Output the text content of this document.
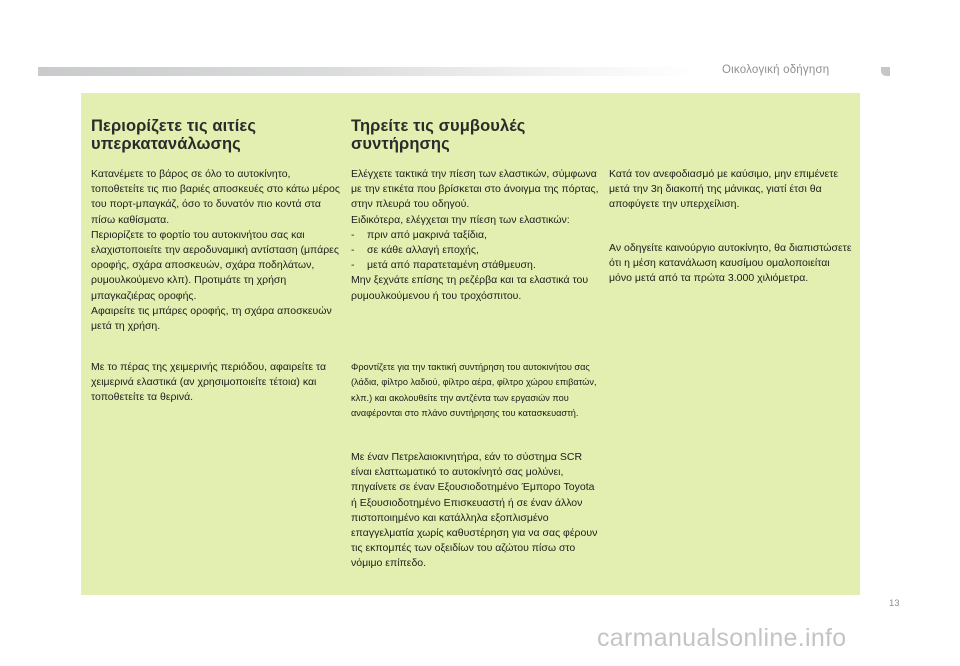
Οικολογική οδήγηση
Περιορίζετε τις αιτίες υπερκατανάλωσης

Κατανέμετε το βάρος σε όλο το αυτοκίνητο, τοποθετείτε τις πιο βαριές αποσκευές στο κάτω μέρος του πορτ-μπαγκάζ, όσο το δυνατόν πιο κοντά στα πίσω καθίσματα.

Περιορίζετε το φορτίο του αυτοκινήτου σας και ελαχιστοποιείτε την αεροδυναμική αντίσταση (μπάρες οροφής, σχάρα αποσκευών, σχάρα ποδηλάτων, ρυμουλκούμενο κλπ). Προτιμάτε τη χρήση μπαγκαζιέρας οροφής.

Αφαιρείτε τις μπάρες οροφής, τη σχάρα αποσκευών μετά τη χρήση.

Με το πέρας της χειμερινής περιόδου, αφαιρείτε τα χειμερινά ελαστικά (αν χρησιμοποιείτε τέτοια) και τοποθετείτε τα θερινά.
Τηρείτε τις συμβουλές συντήρησης

Ελέγχετε τακτικά την πίεση των ελαστικών, σύμφωνα με την ετικέτα που βρίσκεται στο άνοιγμα της πόρτας, στην πλευρά του οδηγού.

Ειδικότερα, ελέγχεται την πίεση των ελαστικών:

-	πριν από μακρινά ταξίδια,
-	σε κάθε αλλαγή εποχής,
-	μετά από παρατεταμένη στάθμευση.

Μην ξεχνάτε επίσης τη ρεζέρβα και τα ελαστικά του ρυμουλκούμενου ή του τροχόσπιτου.

Φροντίζετε για την τακτική συντήρηση του αυτοκινήτου σας (λάδια, φίλτρο λαδιού, φίλτρο αέρα, φίλτρο χώρου επιβατών, κλπ.) και ακολουθείτε την αντζέντα των εργασιών που αναφέρονται στο πλάνο συντήρησης του κατασκευαστή.
Με έναν Πετρελαιοκινητήρα, εάν το σύστημα SCR είναι ελαττωματικό το αυτοκίνητό σας μολύνει, πηγαίνετε σε έναν Εξουσιοδοτημένο Έμπορο Toyota ή Εξουσιοδοτημένο Επισκευαστή ή σε έναν άλλον πιστοποιημένο και κατάλληλα εξοπλισμένο επαγγελματία χωρίς καθυστέρηση για να σας φέρουν τις εκπομπές των οξειδίων του αζώτου πίσω στο νόμιμο επίπεδο.

Κατά τον ανεφοδιασμό με καύσιμο, μην επιμένετε μετά την 3η διακοπή της μάνικας, γιατί έτσι θα αποφύγετε την υπερχείλιση.

Αν οδηγείτε καινούργιο αυτοκίνητο, θα διαπιστώσετε ότι η μέση κατανάλωση καυσίμου ομαλοποιείται μόνο μετά από τα πρώτα 3.000 χιλιόμετρα.
13
carmanualsonline.info
